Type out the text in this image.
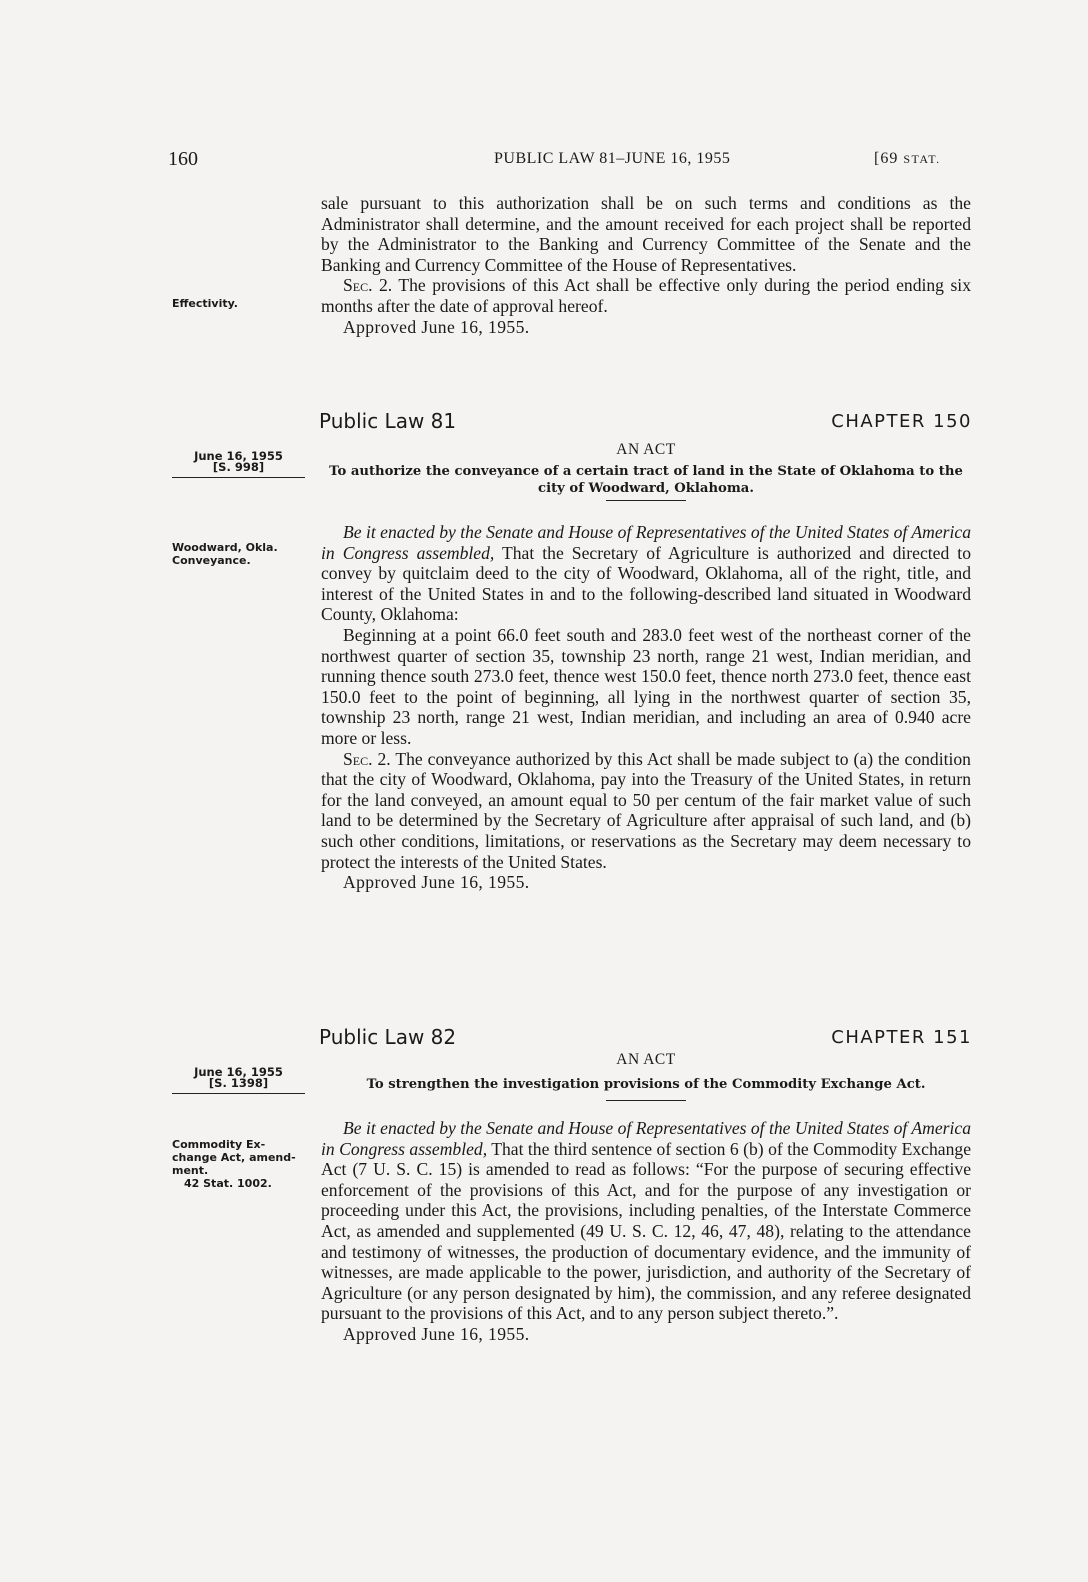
160	PUBLIC LAW 81–JUNE 16, 1955	[69 STAT.
Effectivity.

sale pursuant to this authorization shall be on such terms and conditions as the Administrator shall determine, and the amount received for each project shall be reported by the Administrator to the Banking and Currency Committee of the Senate and the Banking and Currency Committee of the House of Representatives.

Sec. 2. The provisions of this Act shall be effective only during the period ending six months after the date of approval hereof.

Approved June 16, 1955.

Public Law 81	CHAPTER 150
AN ACT
June 16, 1955
[S. 998]	To authorize the conveyance of a certain tract of land in the State of Oklahoma to the city of Woodward, Oklahoma.
Woodward, Okla.
Conveyance.

Be it enacted by the Senate and House of Representatives of the United States of America in Congress assembled, That the Secretary of Agriculture is authorized and directed to convey by quitclaim deed to the city of Woodward, Oklahoma, all of the right, title, and interest of the United States in and to the following-described land situated in Woodward County, Oklahoma:

Beginning at a point 66.0 feet south and 283.0 feet west of the northeast corner of the northwest quarter of section 35, township 23 north, range 21 west, Indian meridian, and running thence south 273.0 feet, thence west 150.0 feet, thence north 273.0 feet, thence east 150.0 feet to the point of beginning, all lying in the northwest quarter of section 35, township 23 north, range 21 west, Indian meridian, and including an area of 0.940 acre more or less.

Sec. 2. The conveyance authorized by this Act shall be made subject to (a) the condition that the city of Woodward, Oklahoma, pay into the Treasury of the United States, in return for the land conveyed, an amount equal to 50 per centum of the fair market value of such land to be determined by the Secretary of Agriculture after appraisal of such land, and (b) such other conditions, limitations, or reservations as the Secretary may deem necessary to protect the interests of the United States.

Approved June 16, 1955.

Public Law 82	CHAPTER 151
AN ACT
June 16, 1955
[S. 1398]	To strengthen the investigation provisions of the Commodity Exchange Act.
Commodity Ex-
change Act, amend-
ment.
42 Stat. 1002.

Be it enacted by the Senate and House of Representatives of the United States of America in Congress assembled, That the third sentence of section 6 (b) of the Commodity Exchange Act (7 U. S. C. 15) is amended to read as follows: “For the purpose of securing effective enforcement of the provisions of this Act, and for the purpose of any investigation or proceeding under this Act, the provisions, including penalties, of the Interstate Commerce Act, as amended and supplemented (49 U. S. C. 12, 46, 47, 48), relating to the attendance and testimony of witnesses, the production of documentary evidence, and the immunity of witnesses, are made applicable to the power, jurisdiction, and authority of the Secretary of Agriculture (or any person designated by him), the commission, and any referee designated pursuant to the provisions of this Act, and to any person subject thereto.”.

Approved June 16, 1955.
